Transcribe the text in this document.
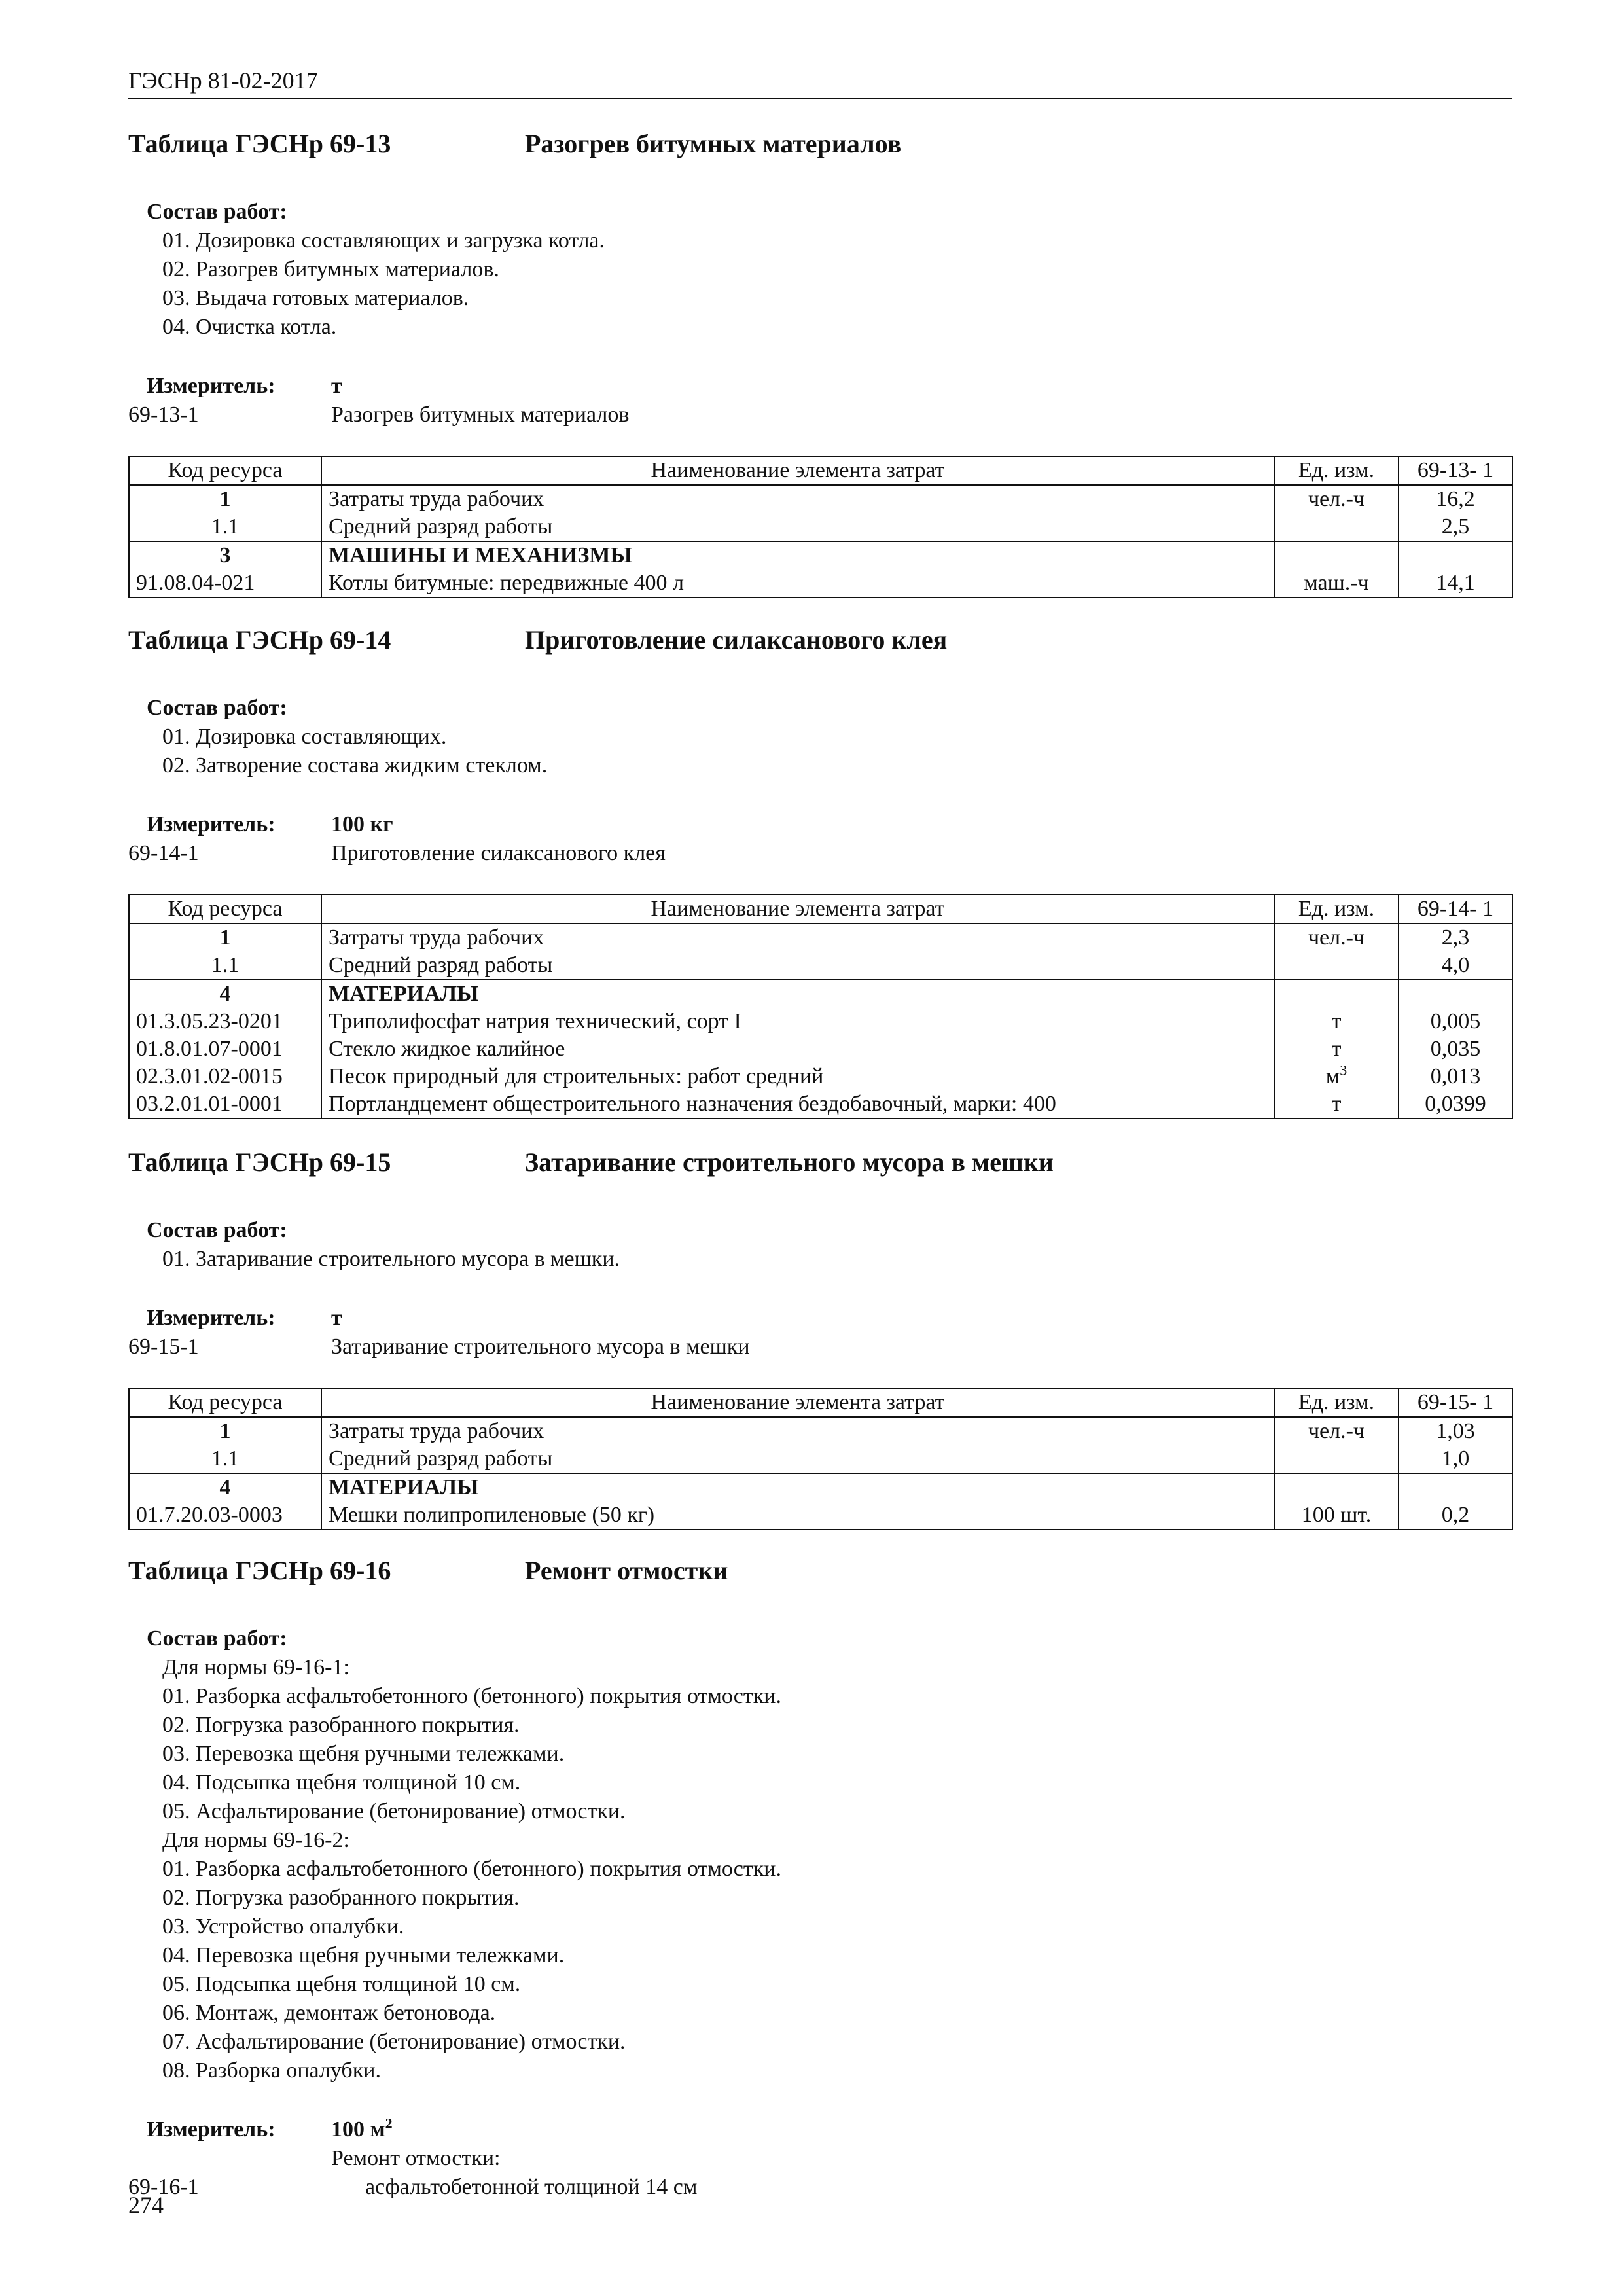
ГЭСНр 81-02-2017
Таблица ГЭСНр 69-13	Разогрев битумных материалов
Состав работ:
01. Дозировка составляющих и загрузка котла.
02. Разогрев битумных материалов.
03. Выдача готовых материалов.
04. Очистка котла.
Измеритель:	т
69-13-1	Разогрев битумных материалов
Код ресурса	Наименование элемента затрат	Ед. изм.	69-13- 1
1	Затраты труда рабочих	чел.-ч	16,2
1.1	Средний разряд работы		2,5
3	МАШИНЫ И МЕХАНИЗМЫ		
91.08.04-021	Котлы битумные: передвижные 400 л	маш.-ч	14,1
Таблица ГЭСНр 69-14	Приготовление силаксанового клея
Состав работ:
01. Дозировка составляющих.
02. Затворение состава жидким стеклом.
Измеритель:	100 кг
69-14-1	Приготовление силаксанового клея
Код ресурса	Наименование элемента затрат	Ед. изм.	69-14- 1
1	Затраты труда рабочих	чел.-ч	2,3
1.1	Средний разряд работы		4,0
4	МАТЕРИАЛЫ		
01.3.05.23-0201	Триполифосфат натрия технический, сорт I	т	0,005
01.8.01.07-0001	Стекло жидкое калийное	т	0,035
02.3.01.02-0015	Песок природный для строительных: работ средний	$м^3$	0,013
03.2.01.01-0001	Портландцемент общестроительного назначения бездобавочный, марки: 400	т	0,0399
Таблица ГЭСНр 69-15	Затаривание строительного мусора в мешки
Состав работ:
01. Затаривание строительного мусора в мешки.
Измеритель:	т
69-15-1	Затаривание строительного мусора в мешки
Код ресурса	Наименование элемента затрат	Ед. изм.	69-15- 1
1	Затраты труда рабочих	чел.-ч	1,03
1.1	Средний разряд работы		1,0
4	МАТЕРИАЛЫ		
01.7.20.03-0003	Мешки полипропиленовые (50 кг)	100 шт.	0,2
Таблица ГЭСНр 69-16	Ремонт отмостки
Состав работ:
Для нормы 69-16-1:
01. Разборка асфальтобетонного (бетонного) покрытия отмостки.
02. Погрузка разобранного покрытия.
03. Перевозка щебня ручными тележками.
04. Подсыпка щебня толщиной 10 см.
05. Асфальтирование (бетонирование) отмостки.
Для нормы 69-16-2:
01. Разборка асфальтобетонного (бетонного) покрытия отмостки.
02. Погрузка разобранного покрытия.
03. Устройство опалубки.
04. Перевозка щебня ручными тележками.
05. Подсыпка щебня толщиной 10 см.
06. Монтаж, демонтаж бетоновода.
07. Асфальтирование (бетонирование) отмостки.
08. Разборка опалубки.
Измеритель:	100 $м^2$
Ремонт отмостки:
69-16-1	асфальтобетонной толщиной 14 см
274
